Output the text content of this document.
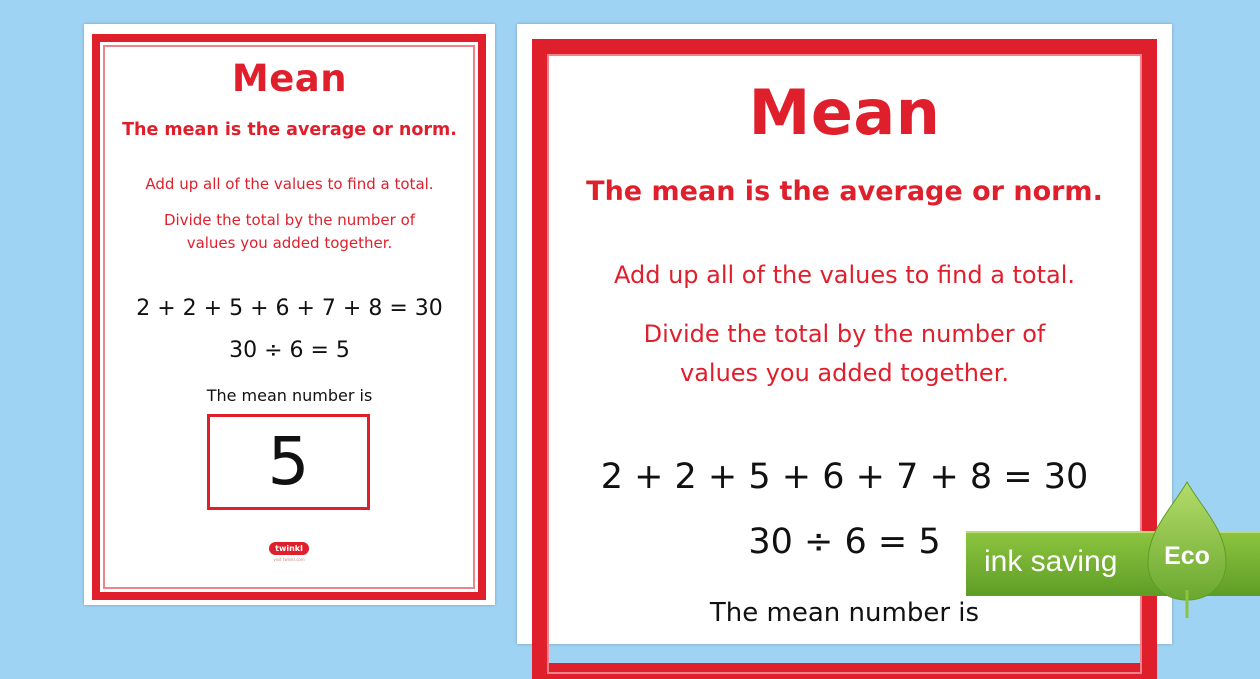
Mean
The mean is the average or norm.
Add up all of the values to find a total.
Divide the total by the number of
values you added together.
2 + 2 + 5 + 6 + 7 + 8 = 30
30 ÷ 6 = 5
The mean number is
5
twinkl
visit twinkl.com
Mean
The mean is the average or norm.
Add up all of the values to find a total.
Divide the total by the number of
values you added together.
2 + 2 + 5 + 6 + 7 + 8 = 30
30 ÷ 6 = 5
The mean number is
ink saving Eco
